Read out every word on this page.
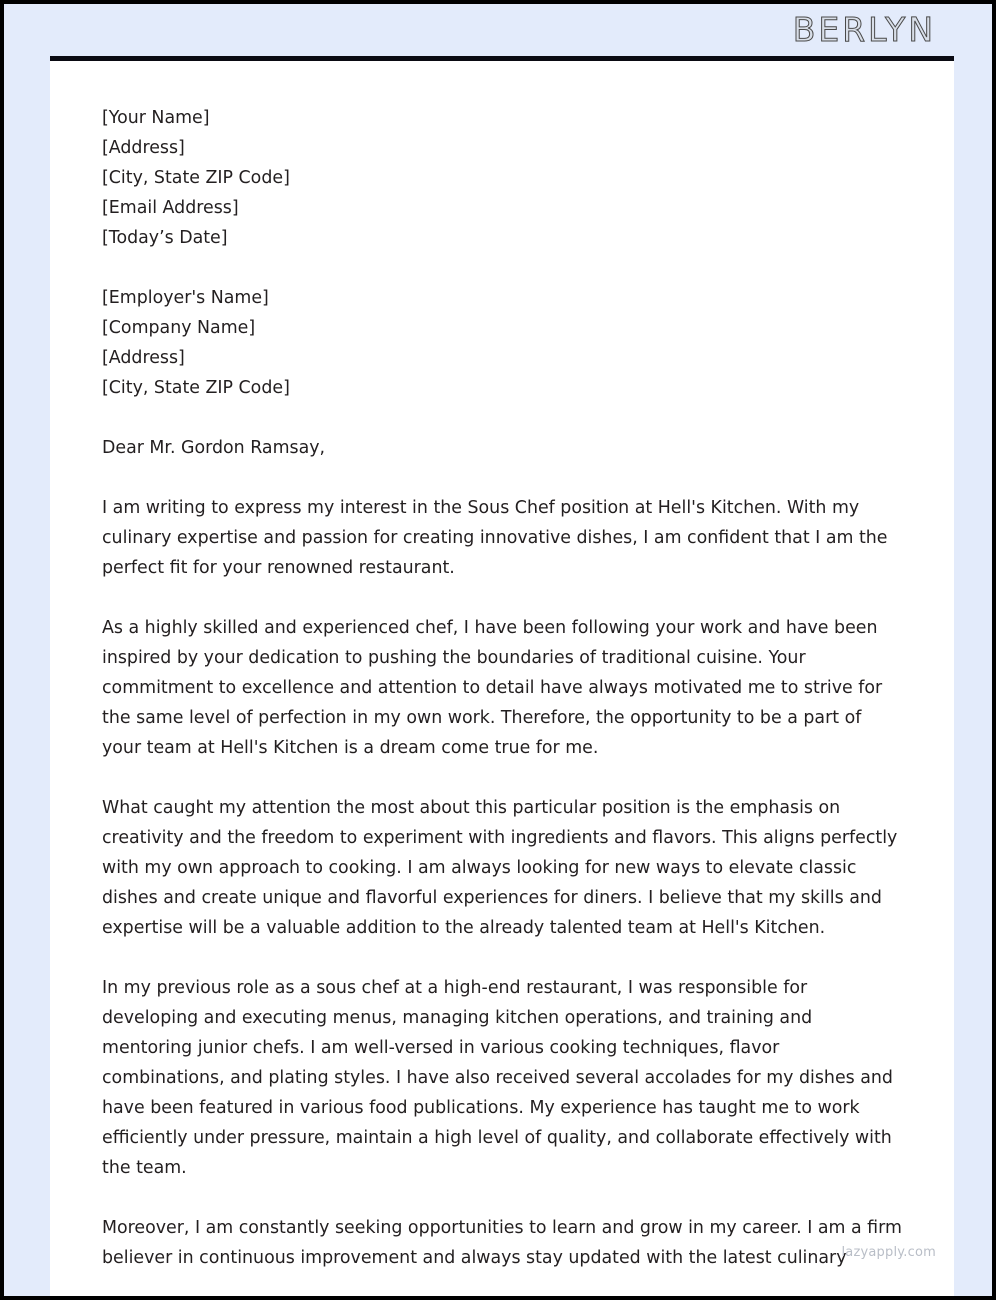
BERLYN
[Your Name]
[Address]
[City, State ZIP Code]
[Email Address]
[Today’s Date]
[Employer's Name]
[Company Name]
[Address]
[City, State ZIP Code]
Dear Mr. Gordon Ramsay,

I am writing to express my interest in the Sous Chef position at Hell's Kitchen. With my culinary expertise and passion for creating innovative dishes, I am confident that I am the perfect fit for your renowned restaurant.

As a highly skilled and experienced chef, I have been following your work and have been inspired by your dedication to pushing the boundaries of traditional cuisine. Your commitment to excellence and attention to detail have always motivated me to strive for the same level of perfection in my own work. Therefore, the opportunity to be a part of your team at Hell's Kitchen is a dream come true for me.

What caught my attention the most about this particular position is the emphasis on creativity and the freedom to experiment with ingredients and flavors. This aligns perfectly with my own approach to cooking. I am always looking for new ways to elevate classic dishes and create unique and flavorful experiences for diners. I believe that my skills and expertise will be a valuable addition to the already talented team at Hell's Kitchen.

In my previous role as a sous chef at a high-end restaurant, I was responsible for developing and executing menus, managing kitchen operations, and training and mentoring junior chefs. I am well-versed in various cooking techniques, flavor combinations, and plating styles. I have also received several accolades for my dishes and have been featured in various food publications. My experience has taught me to work efficiently under pressure, maintain a high level of quality, and collaborate effectively with the team.

Moreover, I am constantly seeking opportunities to learn and grow in my career. I am a firm believer in continuous improvement and always stay updated with the latest culinary

lazyapply.com
